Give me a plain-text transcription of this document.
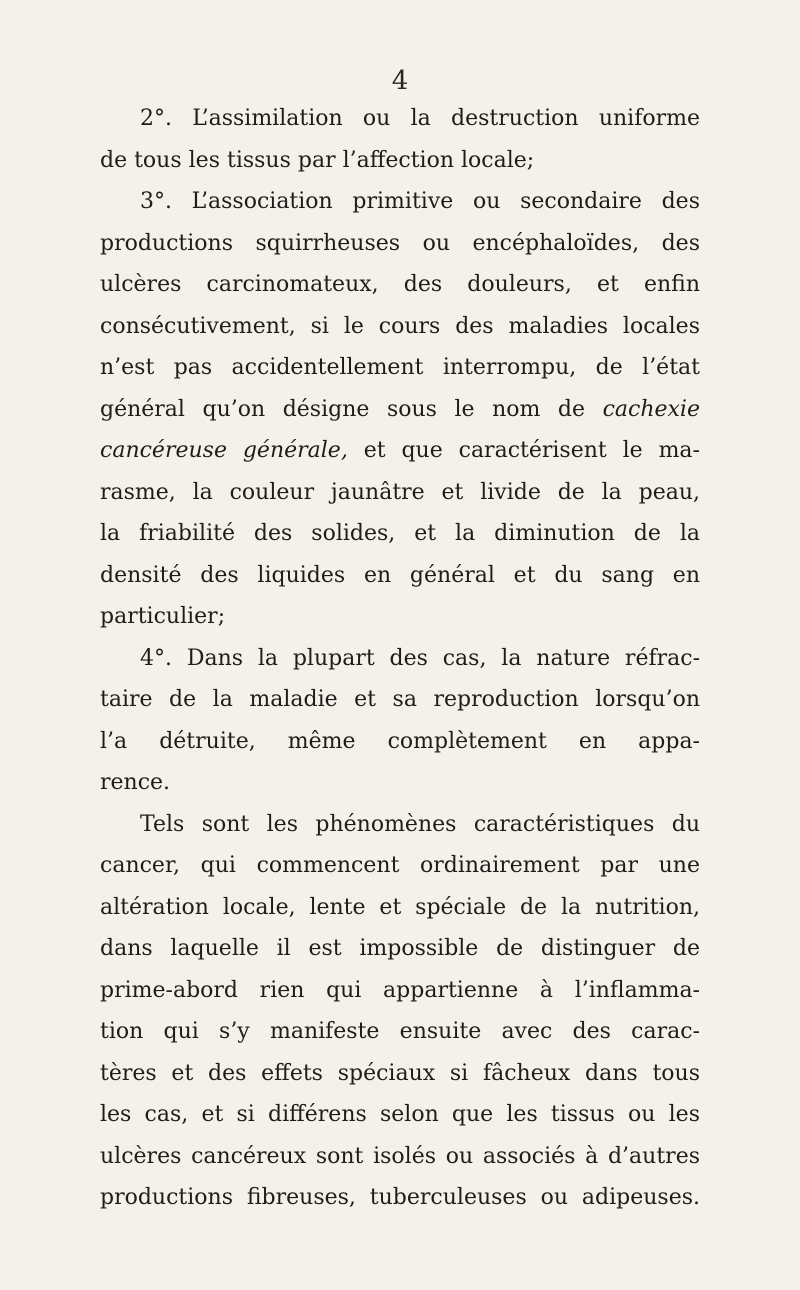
4
2°. L’assimilation ou la destruction uniforme
de tous les tissus par l’affection locale;
3°. L’association primitive ou secondaire des
productions squirrheuses ou encéphaloïdes, des
ulcères carcinomateux, des douleurs, et enfin
consécutivement, si le cours des maladies locales
n’est pas accidentellement interrompu, de l’état
général qu’on désigne sous le nom de cachexie
cancéreuse générale, et que caractérisent le ma-
rasme, la couleur jaunâtre et livide de la peau,
la friabilité des solides, et la diminution de la
densité des liquides en général et du sang en
particulier;
4°. Dans la plupart des cas, la nature réfrac-
taire de la maladie et sa reproduction lorsqu’on
l’a détruite, même complètement en appa-
rence.
Tels sont les phénomènes caractéristiques du
cancer, qui commencent ordinairement par une
altération locale, lente et spéciale de la nutrition,
dans laquelle il est impossible de distinguer de
prime-abord rien qui appartienne à l’inflamma-
tion qui s’y manifeste ensuite avec des carac-
tères et des effets spéciaux si fâcheux dans tous
les cas, et si différens selon que les tissus ou les
ulcères cancéreux sont isolés ou associés à d’autres
productions fibreuses, tuberculeuses ou adipeuses.
